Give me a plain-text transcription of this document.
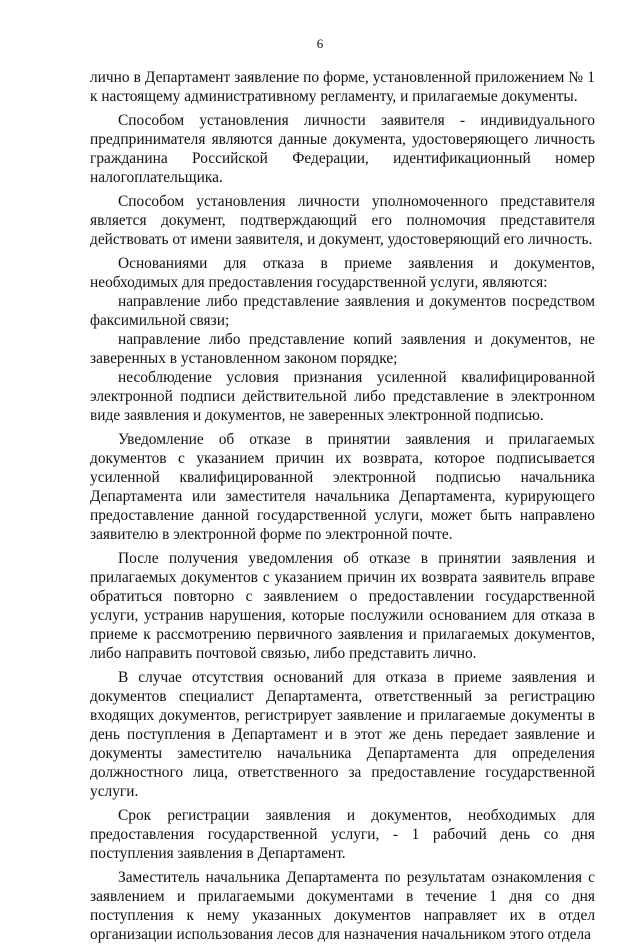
6

лично в Департамент заявление по форме, установленной приложением № 1 к настоящему административному регламенту, и прилагаемые документы.

Способом установления личности заявителя - индивидуального предпринимателя являются данные документа, удостоверяющего личность гражданина Российской Федерации, идентификационный номер налогоплательщика.

Способом установления личности уполномоченного представителя является документ, подтверждающий его полномочия представителя действовать от имени заявителя, и документ, удостоверяющий его личность.

Основаниями для отказа в приеме заявления и документов, необходимых для предоставления государственной услуги, являются:

направление либо представление заявления и документов посредством факсимильной связи;

направление либо представление копий заявления и документов, не заверенных в установленном законом порядке;

несоблюдение условия признания усиленной квалифицированной электронной подписи действительной либо представление в электронном виде заявления и документов, не заверенных электронной подписью.

Уведомление об отказе в принятии заявления и прилагаемых документов с указанием причин их возврата, которое подписывается усиленной квалифицированной электронной подписью начальника Департамента или заместителя начальника Департамента, курирующего предоставление данной государственной услуги, может быть направлено заявителю в электронной форме по электронной почте.

После получения уведомления об отказе в принятии заявления и прилагаемых документов с указанием причин их возврата заявитель вправе обратиться повторно с заявлением о предоставлении государственной услуги, устранив нарушения, которые послужили основанием для отказа в приеме к рассмотрению первичного заявления и прилагаемых документов, либо направить почтовой связью, либо представить лично.

В случае отсутствия оснований для отказа в приеме заявления и документов специалист Департамента, ответственный за регистрацию входящих документов, регистрирует заявление и прилагаемые документы в день поступления в Департамент и в этот же день передает заявление и документы заместителю начальника Департамента для определения должностного лица, ответственного за предоставление государственной услуги.

Срок регистрации заявления и документов, необходимых для предоставления государственной услуги, - 1 рабочий день со дня поступления заявления в Департамент.

Заместитель начальника Департамента по результатам ознакомления с заявлением и прилагаемыми документами в течение 1 дня со дня поступления к нему указанных документов направляет их в отдел организации использования лесов для назначения начальником этого отдела
